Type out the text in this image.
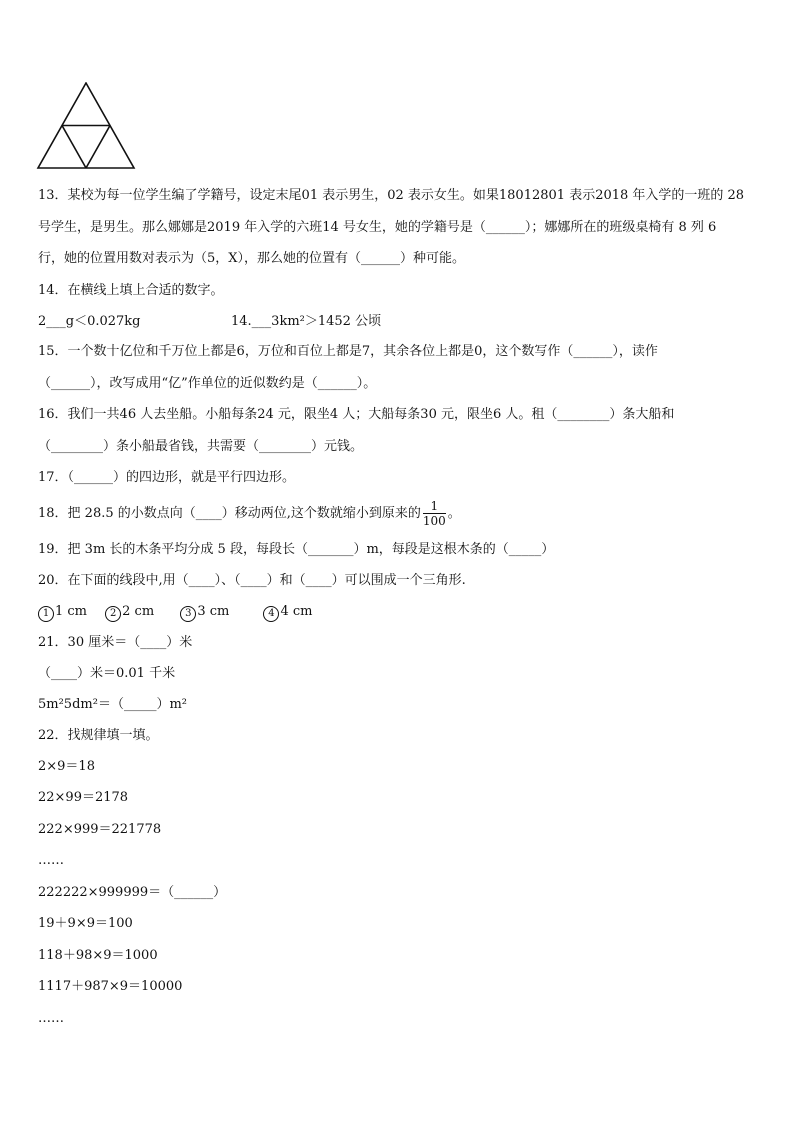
13．某校为每一位学生编了学籍号，设定末尾01 表示男生，02 表示女生。如果18012801 表示2018 年入学的一班的 28
号学生，是男生。那么娜娜是2019 年入学的六班14 号女生，她的学籍号是（______）；娜娜所在的班级桌椅有 8 列 6
行，她的位置用数对表示为（5，X），那么她的位置有（______）种可能。
14．在横线上填上合适的数字。
2___g＜0.027kg	14.___3km²＞1452 公顷
15．一个数十亿位和千万位上都是6，万位和百位上都是7，其余各位上都是0，这个数写作（______），读作
（______），改写成用“亿”作单位的近似数约是（______）。
16．我们一共46 人去坐船。小船每条24 元，限坐4 人；大船每条30 元，限坐6 人。租（________）条大船和
（________）条小船最省钱，共需要（________）元钱。
17．（______）的四边形，就是平行四边形。
18．把 28.5 的小数点向（____）移动两位,这个数就缩小到原来的 $\frac{1}{100}$ 。
19．把 3m 长的木条平均分成 5 段，每段长（_______）m，每段是这根木条的（_____）
20．在下面的线段中,用（____）、（____）和（____）可以围成一个三角形.
1 1 cm 2 2 cm	3 3 cm	4 4 cm
21．30 厘米＝（____）米
（____）米＝0.01 千米
5m²5dm²＝（_____）m²
22．找规律填一填。
2×9＝18
22×99＝2178
222×999＝221778
……
222222×999999＝（______）
19＋9×9＝100
118＋98×9＝1000
1117＋987×9＝10000
……
